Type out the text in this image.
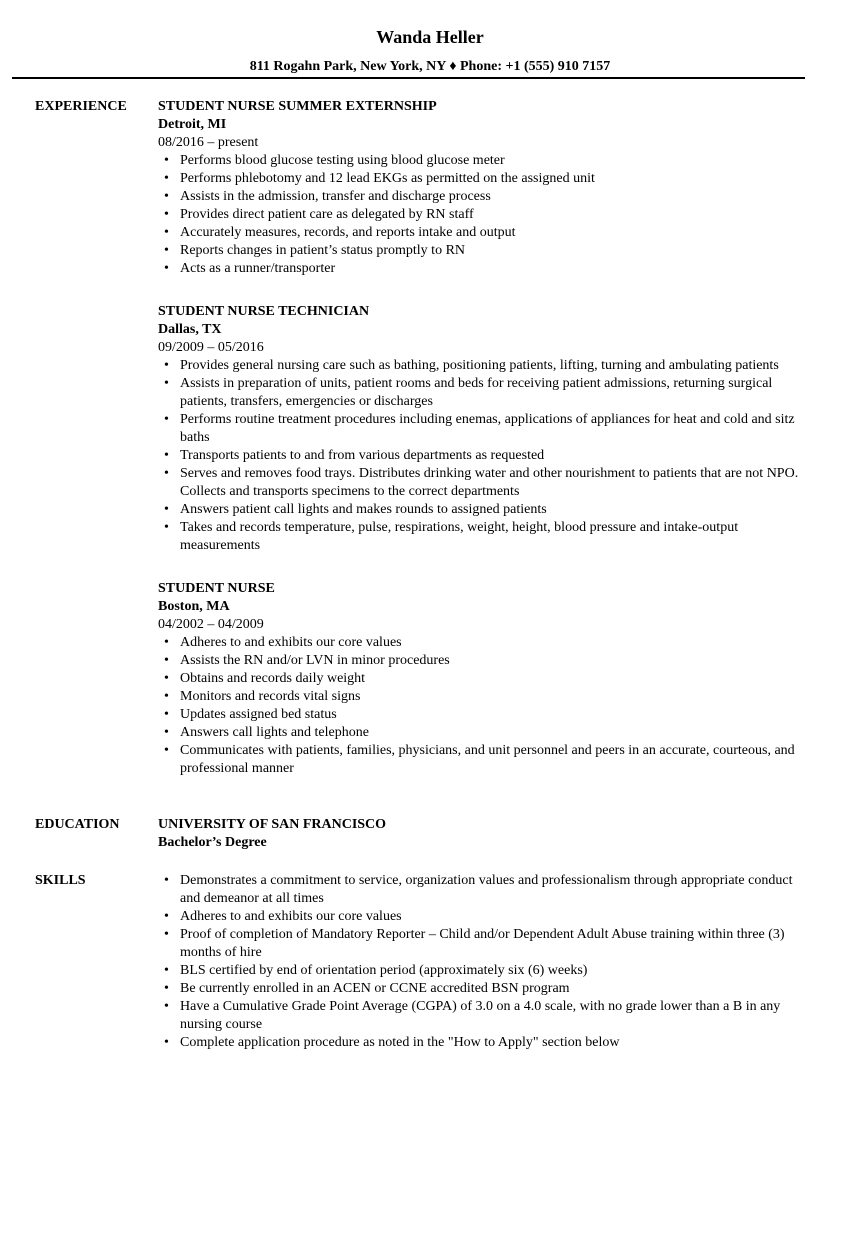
Wanda Heller
811 Rogahn Park, New York, NY ♦ Phone: +1 (555) 910 7157
EXPERIENCE STUDENT NURSE SUMMER EXTERNSHIP
Detroit, MI
08/2016 – present
• Performs blood glucose testing using blood glucose meter
• Performs phlebotomy and 12 lead EKGs as permitted on the assigned unit
• Assists in the admission, transfer and discharge process
• Provides direct patient care as delegated by RN staff
• Accurately measures, records, and reports intake and output
• Reports changes in patient’s status promptly to RN
• Acts as a runner/transporter
STUDENT NURSE TECHNICIAN
Dallas, TX
09/2009 – 05/2016
• Provides general nursing care such as bathing, positioning patients, lifting, turning and ambulating patients
• Assists in preparation of units, patient rooms and beds for receiving patient admissions, returning surgical patients, transfers, emergencies or discharges
• Performs routine treatment procedures including enemas, applications of appliances for heat and cold and sitz baths
• Transports patients to and from various departments as requested
• Serves and removes food trays. Distributes drinking water and other nourishment to patients that are not NPO. Collects and transports specimens to the correct departments
• Answers patient call lights and makes rounds to assigned patients
• Takes and records temperature, pulse, respirations, weight, height, blood pressure and intake-output measurements
STUDENT NURSE
Boston, MA
04/2002 – 04/2009
• Adheres to and exhibits our core values
• Assists the RN and/or LVN in minor procedures
• Obtains and records daily weight
• Monitors and records vital signs
• Updates assigned bed status
• Answers call lights and telephone
• Communicates with patients, families, physicians, and unit personnel and peers in an accurate, courteous, and professional manner
EDUCATION	UNIVERSITY OF SAN FRANCISCO
Bachelor’s Degree
SKILLS	• Demonstrates a commitment to service, organization values and professionalism through appropriate conduct and demeanor at all times
• Adheres to and exhibits our core values
• Proof of completion of Mandatory Reporter – Child and/or Dependent Adult Abuse training within three (3) months of hire
• BLS certified by end of orientation period (approximately six (6) weeks)
• Be currently enrolled in an ACEN or CCNE accredited BSN program
• Have a Cumulative Grade Point Average (CGPA) of 3.0 on a 4.0 scale, with no grade lower than a B in any nursing course
• Complete application procedure as noted in the "How to Apply" section below
